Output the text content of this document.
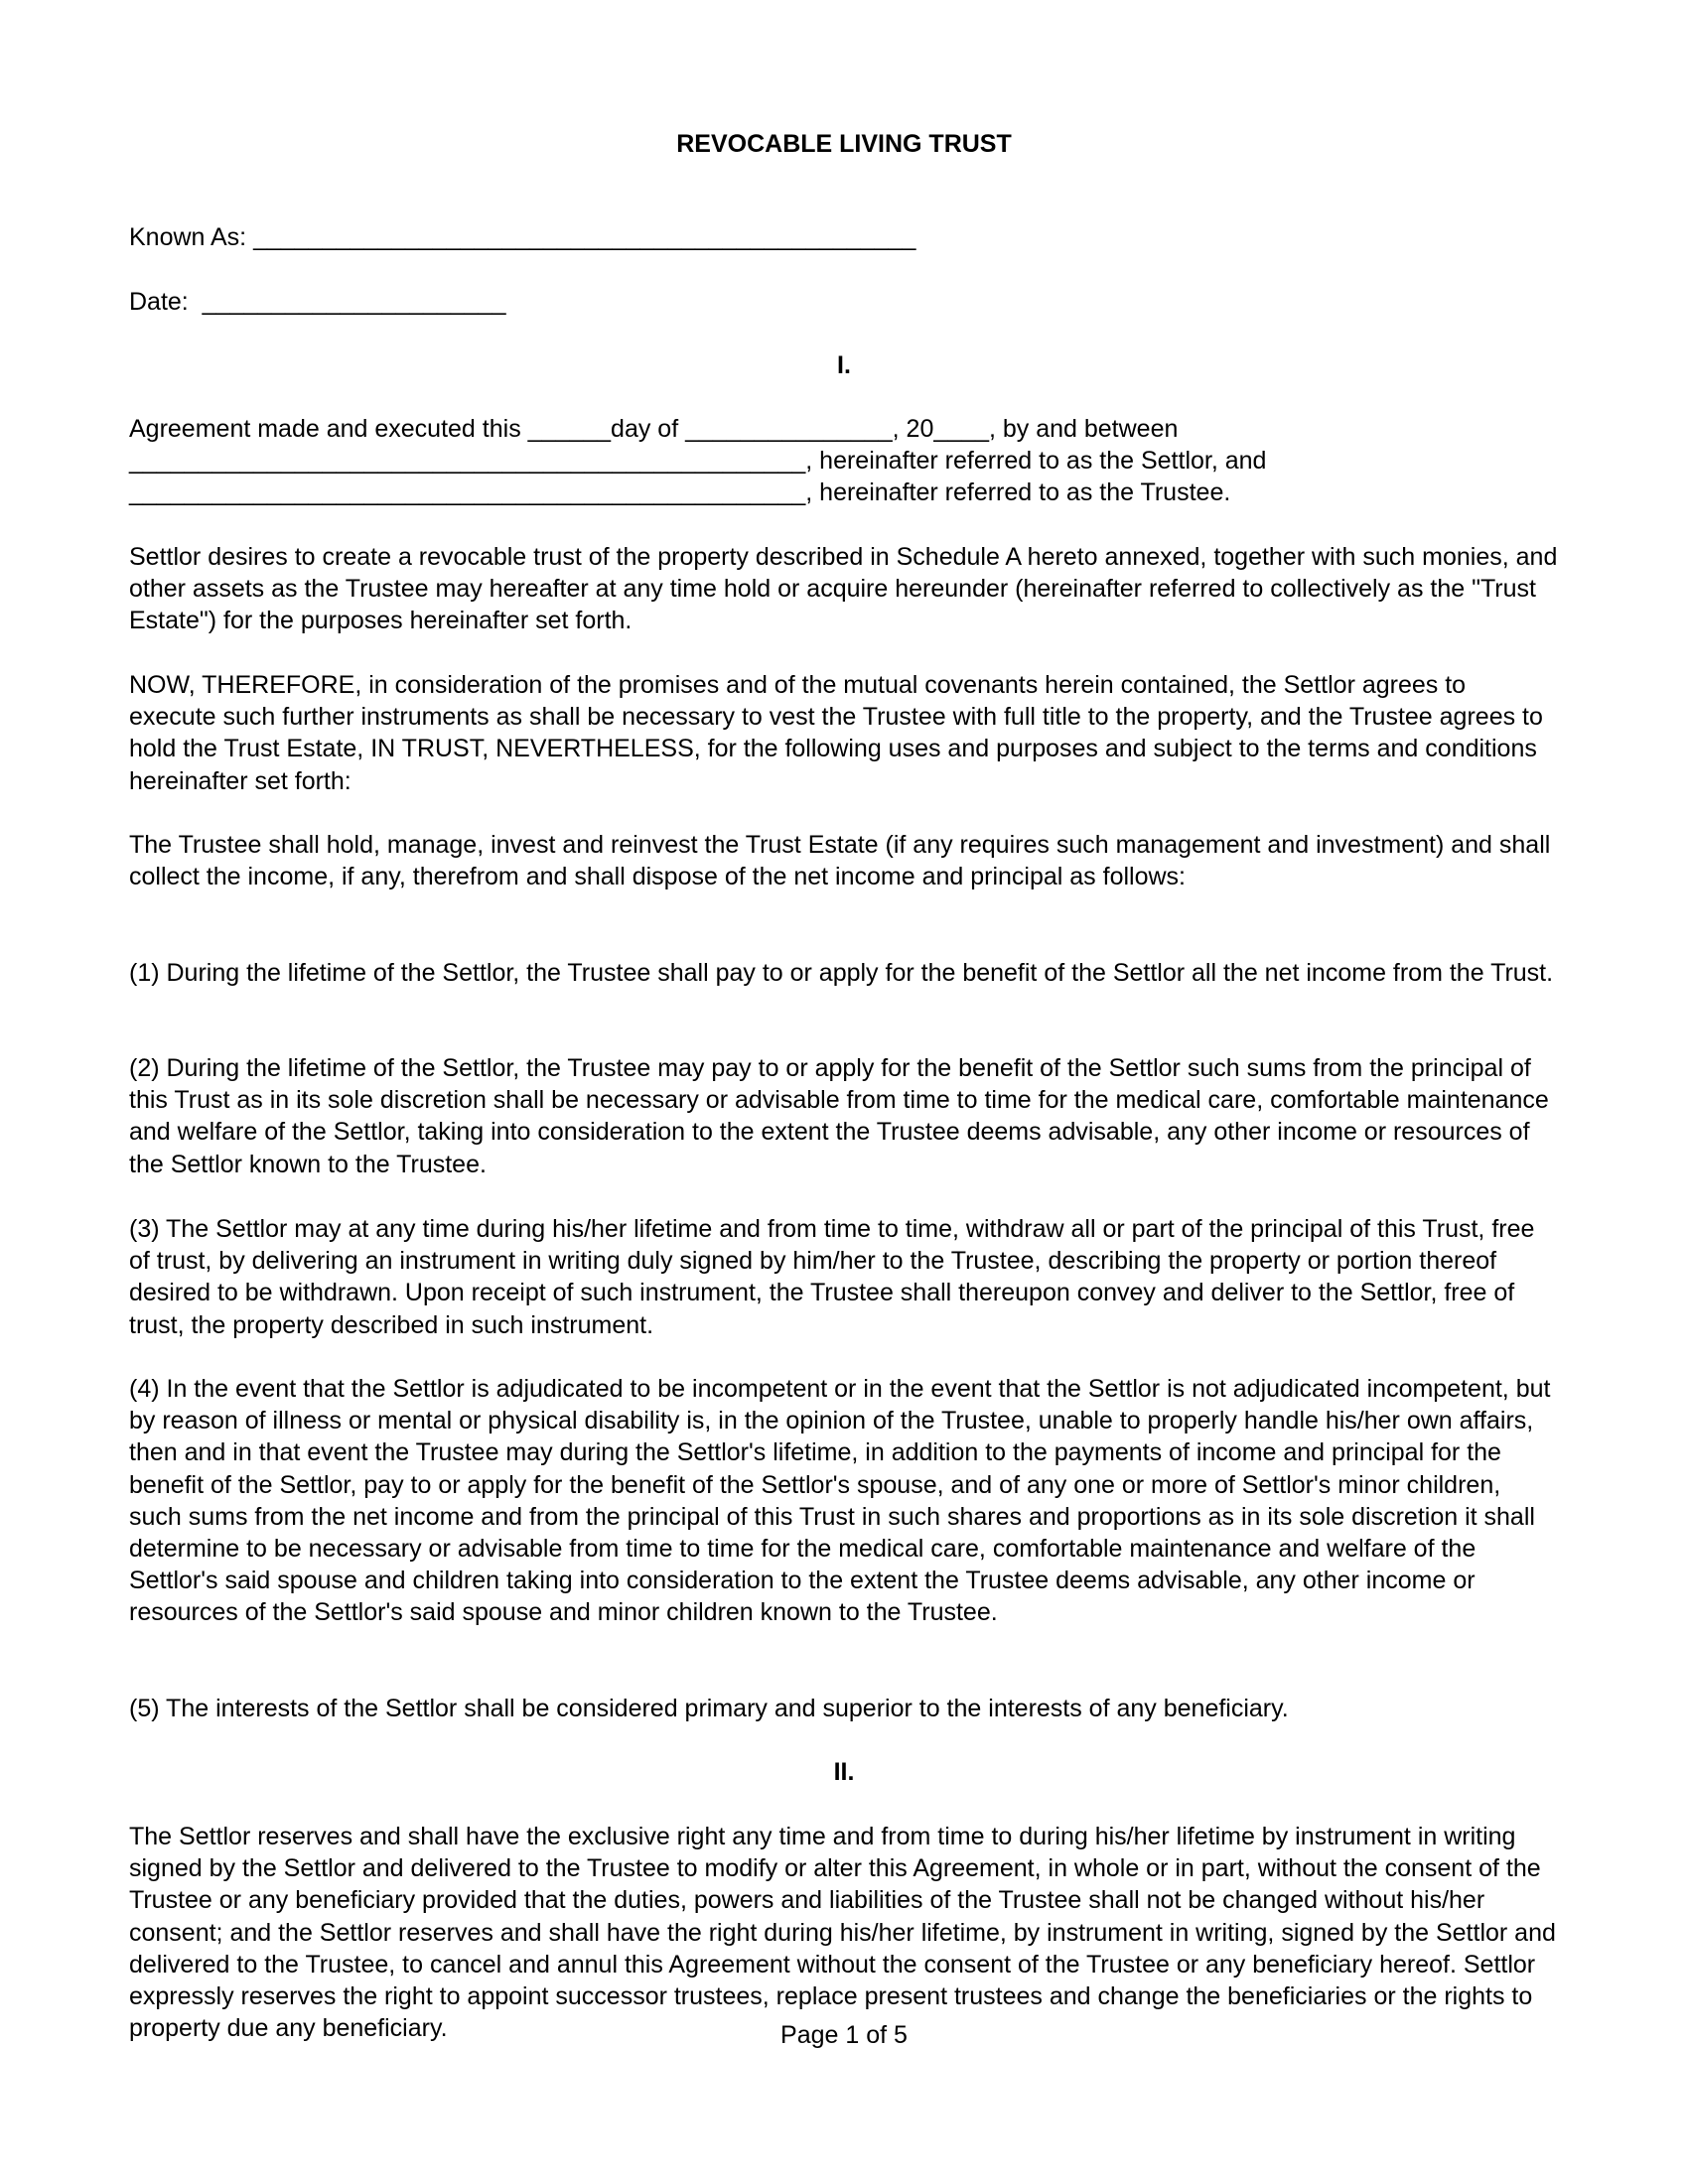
REVOCABLE LIVING TRUST
Known As: ________________________________________________
Date:  ______________________
I.
Agreement made and executed this ______day of _______________, 20____, by and between
_________________________________________________, hereinafter referred to as the Settlor, and
_________________________________________________, hereinafter referred to as the Trustee.

Settlor desires to create a revocable trust of the property described in Schedule A hereto annexed, together with such monies, and other assets as the Trustee may hereafter at any time hold or acquire hereunder (hereinafter referred to collectively as the "Trust Estate") for the purposes hereinafter set forth.

NOW, THEREFORE, in consideration of the promises and of the mutual covenants herein contained, the Settlor agrees to execute such further instruments as shall be necessary to vest the Trustee with full title to the property, and the Trustee agrees to hold the Trust Estate, IN TRUST, NEVERTHELESS, for the following uses and purposes and subject to the terms and conditions hereinafter set forth:

The Trustee shall hold, manage, invest and reinvest the Trust Estate (if any requires such management and investment) and shall collect the income, if any, therefrom and shall dispose of the net income and principal as follows:

(1) During the lifetime of the Settlor, the Trustee shall pay to or apply for the benefit of the Settlor all the net income from the Trust.

(2) During the lifetime of the Settlor, the Trustee may pay to or apply for the benefit of the Settlor such sums from the principal of this Trust as in its sole discretion shall be necessary or advisable from time to time for the medical care, comfortable maintenance and welfare of the Settlor, taking into consideration to the extent the Trustee deems advisable, any other income or resources of the Settlor known to the Trustee.

(3) The Settlor may at any time during his/her lifetime and from time to time, withdraw all or part of the principal of this Trust, free of trust, by delivering an instrument in writing duly signed by him/her to the Trustee, describing the property or portion thereof desired to be withdrawn. Upon receipt of such instrument, the Trustee shall thereupon convey and deliver to the Settlor, free of trust, the property described in such instrument.

(4) In the event that the Settlor is adjudicated to be incompetent or in the event that the Settlor is not adjudicated incompetent, but by reason of illness or mental or physical disability is, in the opinion of the Trustee, unable to properly handle his/her own affairs, then and in that event the Trustee may during the Settlor's lifetime, in addition to the payments of income and principal for the benefit of the Settlor, pay to or apply for the benefit of the Settlor's spouse, and of any one or more of Settlor's minor children, such sums from the net income and from the principal of this Trust in such shares and proportions as in its sole discretion it shall determine to be necessary or advisable from time to time for the medical care, comfortable maintenance and welfare of the Settlor's said spouse and children taking into consideration to the extent the Trustee deems advisable, any other income or resources of the Settlor's said spouse and minor children known to the Trustee.

(5) The interests of the Settlor shall be considered primary and superior to the interests of any beneficiary.

II.

The Settlor reserves and shall have the exclusive right any time and from time to during his/her lifetime by instrument in writing signed by the Settlor and delivered to the Trustee to modify or alter this Agreement, in whole or in part, without the consent of the Trustee or any beneficiary provided that the duties, powers and liabilities of the Trustee shall not be changed without his/her consent; and the Settlor reserves and shall have the right during his/her lifetime, by instrument in writing, signed by the Settlor and delivered to the Trustee, to cancel and annul this Agreement without the consent of the Trustee or any beneficiary hereof. Settlor expressly reserves the right to appoint successor trustees, replace present trustees and change the beneficiaries or the rights to property due any beneficiary.	Page 1 of 5
